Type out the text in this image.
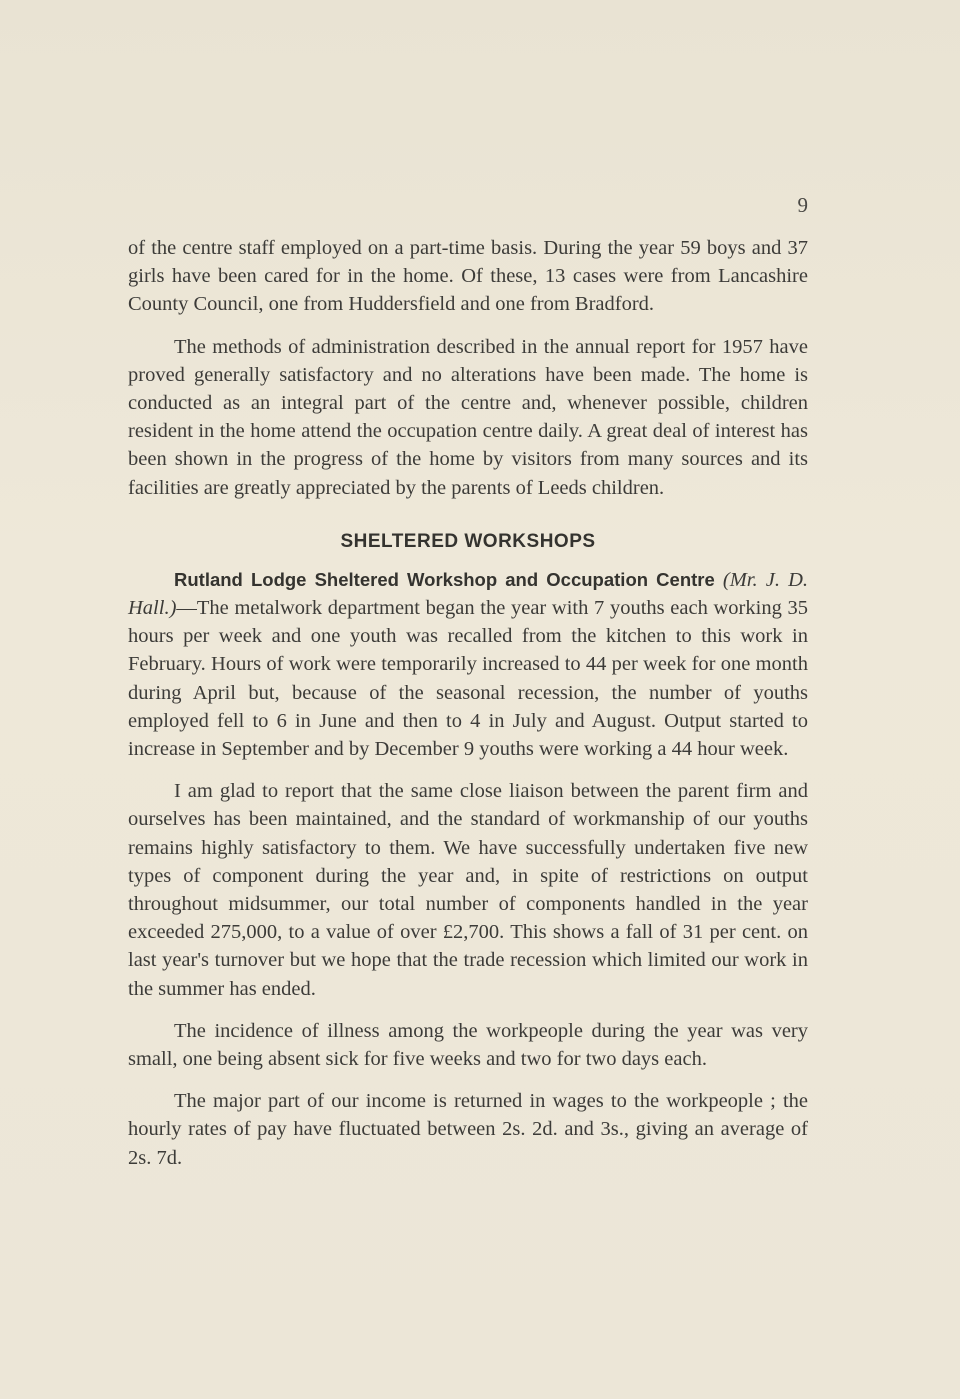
9

of the centre staff employed on a part-time basis. During the year 59 boys and 37 girls have been cared for in the home. Of these, 13 cases were from Lancashire County Council, one from Huddersfield and one from Bradford.

The methods of administration described in the annual report for 1957 have proved generally satisfactory and no alterations have been made. The home is conducted as an integral part of the centre and, whenever possible, children resident in the home attend the occupation centre daily. A great deal of interest has been shown in the progress of the home by visitors from many sources and its facilities are greatly appreciated by the parents of Leeds children.

SHELTERED WORKSHOPS

Rutland Lodge Sheltered Workshop and Occupation Centre (Mr. J. D. Hall.)—The metalwork department began the year with 7 youths each working 35 hours per week and one youth was recalled from the kitchen to this work in February. Hours of work were temporarily increased to 44 per week for one month during April but, because of the seasonal recession, the number of youths employed fell to 6 in June and then to 4 in July and August. Output started to increase in September and by December 9 youths were working a 44 hour week.

I am glad to report that the same close liaison between the parent firm and ourselves has been maintained, and the standard of workmanship of our youths remains highly satisfactory to them. We have successfully undertaken five new types of component during the year and, in spite of restrictions on output throughout midsummer, our total number of components handled in the year exceeded 275,000, to a value of over £2,700. This shows a fall of 31 per cent. on last year's turnover but we hope that the trade recession which limited our work in the summer has ended.

The incidence of illness among the workpeople during the year was very small, one being absent sick for five weeks and two for two days each.

The major part of our income is returned in wages to the workpeople ; the hourly rates of pay have fluctuated between 2s. 2d. and 3s., giving an average of 2s. 7d.
